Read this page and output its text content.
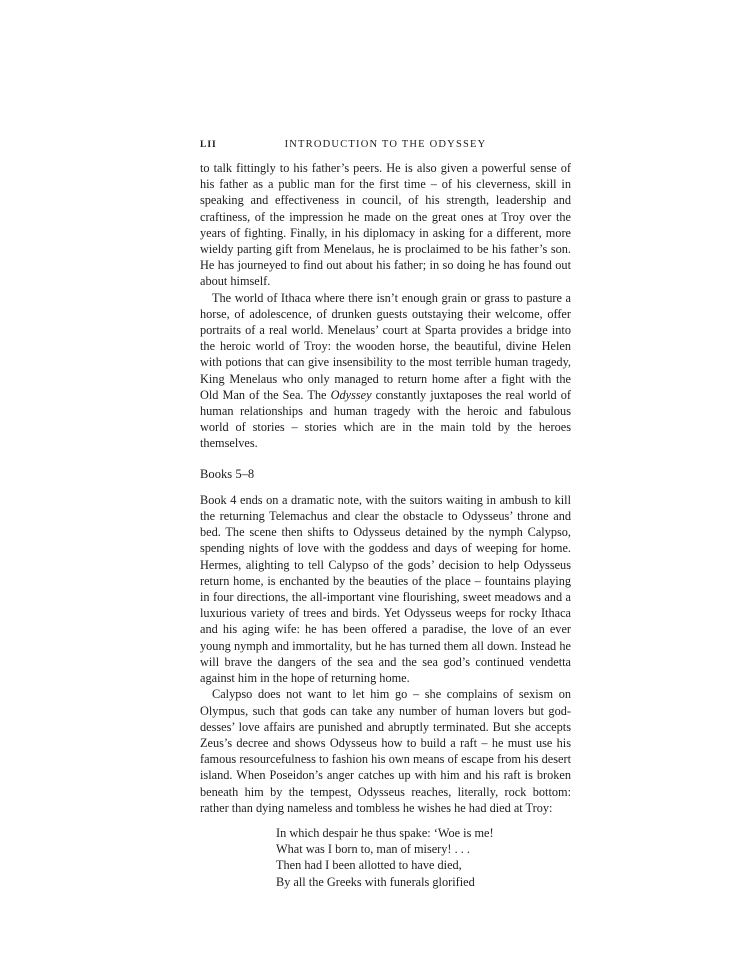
LII	INTRODUCTION TO THE ODYSSEY

to talk fittingly to his father’s peers. He is also given a powerful sense of his father as a public man for the first time – of his cleverness, skill in speaking and effectiveness in council, of his strength, leadership and craftiness, of the impression he made on the great ones at Troy over the years of fighting. Finally, in his diplomacy in asking for a different, more wieldy parting gift from Menelaus, he is proclaimed to be his father’s son. He has journeyed to find out about his father; in so doing he has found out about himself.

The world of Ithaca where there isn’t enough grain or grass to pasture a horse, of adolescence, of drunken guests outstaying their welcome, offer portraits of a real world. Menelaus’ court at Sparta provides a bridge into the heroic world of Troy: the wooden horse, the beautiful, divine Helen with potions that can give insensibility to the most terrible human tragedy, King Menelaus who only managed to return home after a fight with the Old Man of the Sea. The Odyssey constantly juxtaposes the real world of human relationships and human tragedy with the heroic and fabulous world of stories – stories which are in the main told by the heroes themselves.

Books 5–8

Book 4 ends on a dramatic note, with the suitors waiting in ambush to kill the returning Telemachus and clear the obstacle to Odysseus’ throne and bed. The scene then shifts to Odysseus detained by the nymph Calypso, spending nights of love with the goddess and days of weeping for home. Hermes, alighting to tell Calypso of the gods’ decision to help Odysseus return home, is enchanted by the beauties of the place – fountains playing in four directions, the all-important vine flourishing, sweet meadows and a luxurious variety of trees and birds. Yet Odysseus weeps for rocky Ithaca and his aging wife: he has been offered a paradise, the love of an ever young nymph and immortality, but he has turned them all down. Instead he will brave the dangers of the sea and the sea god’s continued vendetta against him in the hope of returning home.

Calypso does not want to let him go – she complains of sexism on Olympus, such that gods can take any number of human lovers but goddesses’ love affairs are punished and abruptly terminated. But she accepts Zeus’s decree and shows Odysseus how to build a raft – he must use his famous resourcefulness to fashion his own means of escape from his desert island. When Poseidon’s anger catches up with him and his raft is broken beneath him by the tempest, Odysseus reaches, literally, rock bottom: rather than dying nameless and tombless he wishes he had died at Troy:

In which despair he thus spake: ‘Woe is me!
What was I born to, man of misery! . . .
Then had I been allotted to have died,
By all the Greeks with funerals glorified
